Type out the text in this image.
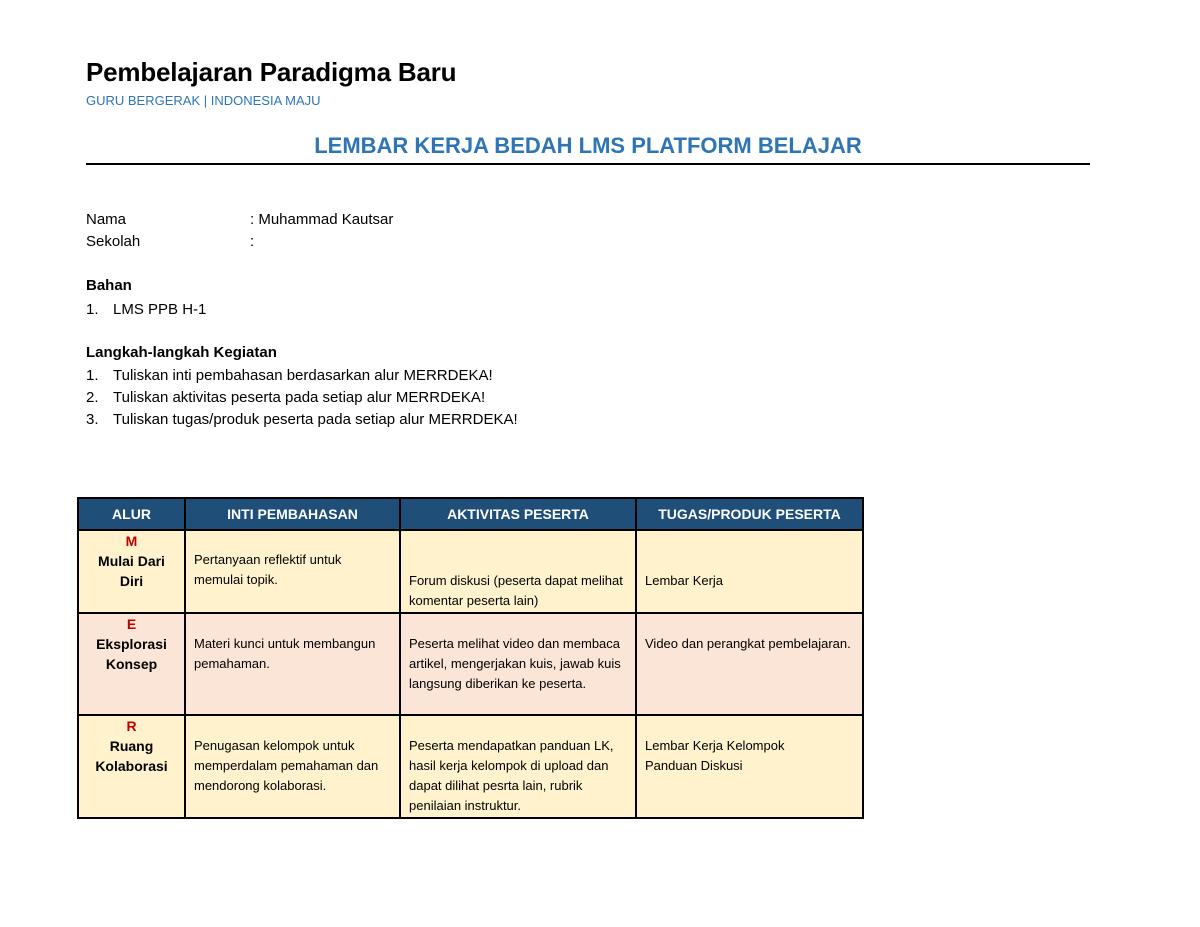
Pembelajaran Paradigma Baru
GURU BERGERAK | INDONESIA MAJU
LEMBAR KERJA BEDAH LMS PLATFORM BELAJAR
Nama	: Muhammad Kautsar
Sekolah	:
Bahan
1. LMS PPB H-1
Langkah-langkah Kegiatan
1. Tuliskan inti pembahasan berdasarkan alur MERRDEKA!
2. Tuliskan aktivitas peserta pada setiap alur MERRDEKA!
3. Tuliskan tugas/produk peserta pada setiap alur MERRDEKA!
ALUR	INTI PEMBAHASAN	AKTIVITAS PESERTA	TUGAS/PRODUK PESERTA

M
Mulai Dari
Diri	Pertanyaan reflektif untuk memulai topik.	Forum diskusi (peserta dapat melihat komentar peserta lain)	Lembar Kerja

E
Eksplorasi
Konsep	Materi kunci untuk membangun pemahaman.	Peserta melihat video dan membaca artikel, mengerjakan kuis, jawab kuis langsung diberikan ke peserta.	Video dan perangkat pembelajaran.

R
Ruang
Kolaborasi	Penugasan kelompok untuk memperdalam pemahaman dan mendorong kolaborasi.	Peserta mendapatkan panduan LK, hasil kerja kelompok di upload dan dapat dilihat pesrta lain, rubrik penilaian instruktur.	Lembar Kerja Kelompok
Panduan Diskusi
